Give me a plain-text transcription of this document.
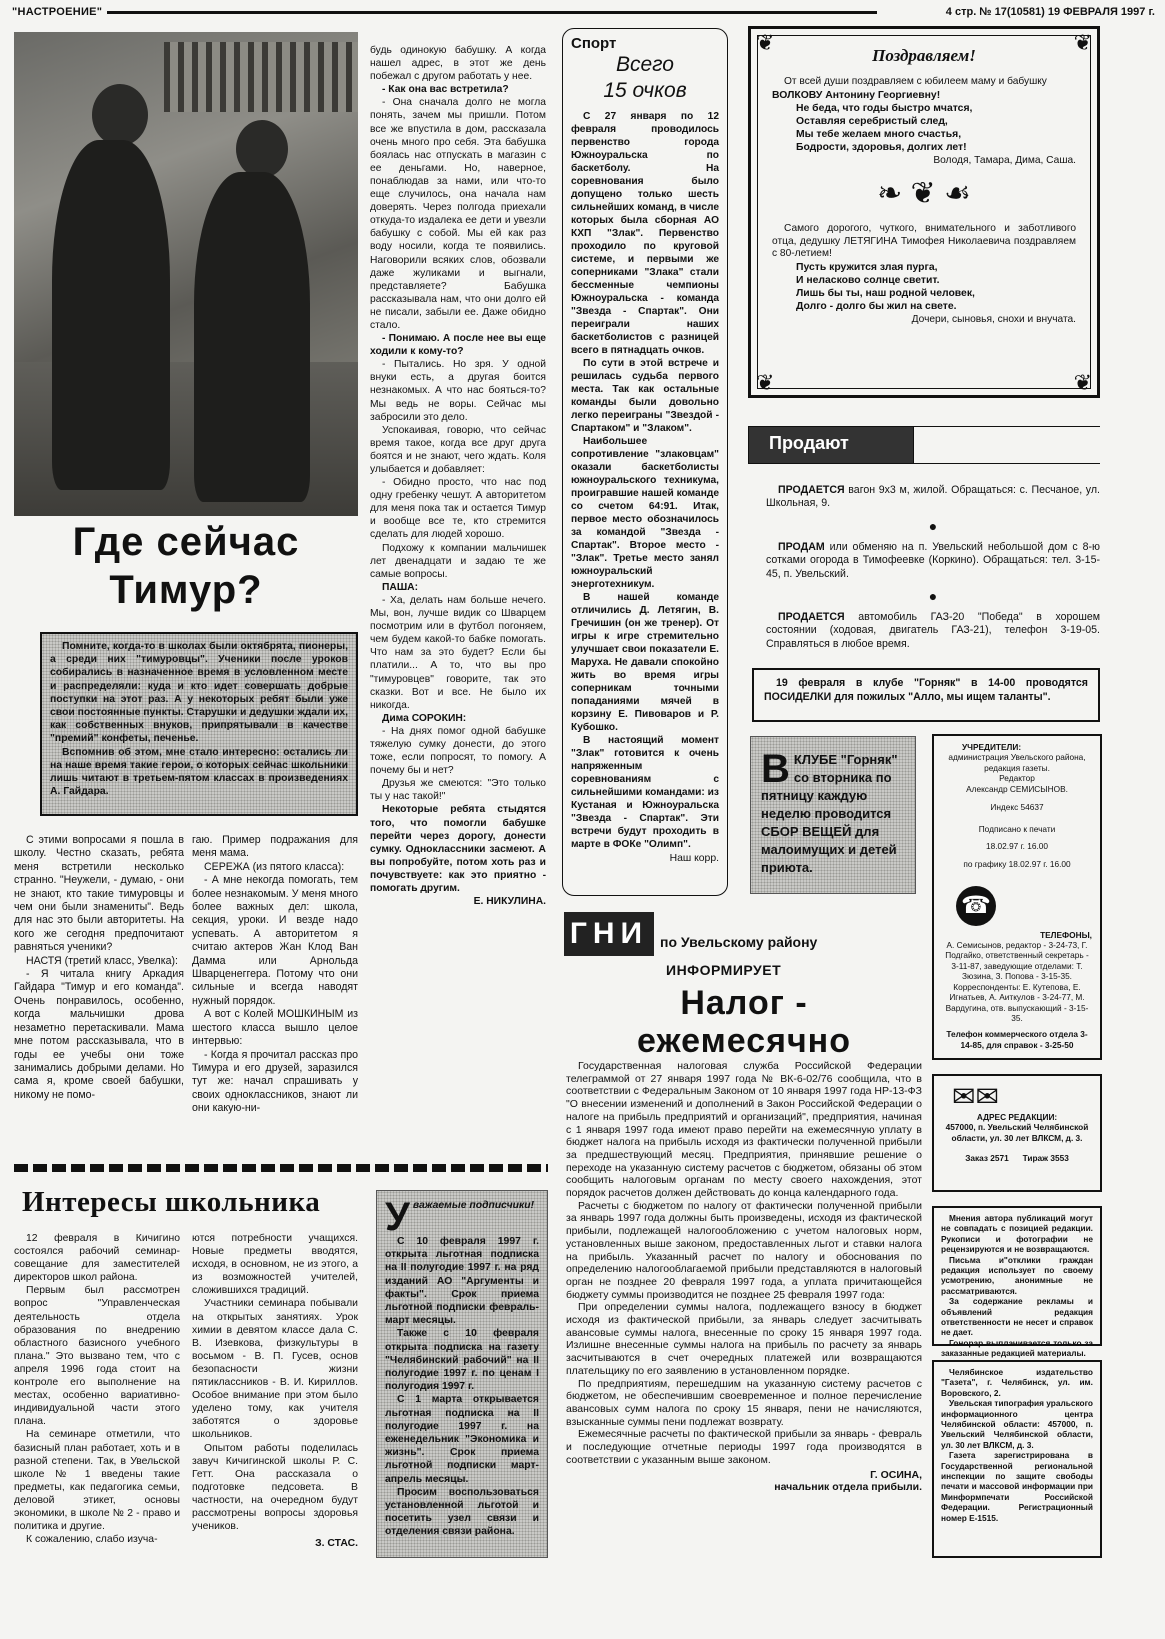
"НАСТРОЕНИЕ"	4 стр. № 17(10581) 19 ФЕВРАЛЯ 1997 г.
Где сейчас
Тимур?

Помните, когда-то в школах были октябрята, пионеры, а среди них "тимуровцы". Ученики после уроков собирались в назначенное время в условленном месте и распределяли: куда и кто идет совершать добрые поступки на этот раз. А у некоторых ребят были уже свои постоянные пункты. Старушки и дедушки ждали их, как собственных внуков, припрятывали в качестве "премий" конфеты, печенье.

Вспомнив об этом, мне стало интересно: остались ли на наше время такие герои, о которых сейчас школьники лишь читают в третьем-пятом классах в произведениях А. Гайдара.

С этими вопросами я пошла в школу. Честно сказать, ребята меня встретили несколько странно. "Неужели, - думаю, - они не знают, кто такие тимуровцы и чем они были знамениты". Ведь для нас это были авторитеты. На кого же сегодня предпочитают равняться ученики?

НАСТЯ (третий класс, Увелка):

- Я читала книгу Аркадия Гайдара "Тимур и его команда". Очень понравилось, особенно, когда мальчишки дрова незаметно перетаскивали. Мама мне потом рассказывала, что в годы ее учебы они тоже занимались добрыми делами. Но сама я, кроме своей бабушки, никому не помо-

гаю. Пример подражания для меня мама.

СЕРЕЖА (из пятого класса):

- А мне некогда помогать, тем более незнакомым. У меня много более важных дел: школа, секция, уроки. И везде надо успевать. А авторитетом я считаю актеров Жан Клод Ван Дамма или Арнольда Шварценеггера. Потому что они сильные и всегда наводят нужный порядок.

А вот с Колей МОШКИНЫМ из шестого класса вышло целое интервью:

- Когда я прочитал рассказ про Тимура и его друзей, заразился тут же: начал спрашивать у своих одноклассников, знают ли они какую-ни-

будь одинокую бабушку. А когда нашел адрес, в этот же день побежал с другом работать у нее.

- Как она вас встретила?

- Она сначала долго не могла понять, зачем мы пришли. Потом все же впустила в дом, рассказала очень много про себя. Эта бабушка боялась нас отпускать в магазин с ее деньгами. Но, наверное, понаблюдав за нами, или что-то еще случилось, она начала нам доверять. Через полгода приехали откуда-то издалека ее дети и увезли бабушку с собой. Мы ей как раз воду носили, когда те появились. Наговорили всяких слов, обозвали даже жуликами и выгнали, представляете? Бабушка рассказывала нам, что они долго ей не писали, забыли ее. Даже обидно стало.

- Понимаю. А после нее вы еще ходили к кому-то?

- Пытались. Но зря. У одной внуки есть, а другая боится незнакомых. А что нас бояться-то? Мы ведь не воры. Сейчас мы забросили это дело.

Успокаивая, говорю, что сейчас время такое, когда все друг друга боятся и не знают, чего ждать. Коля улыбается и добавляет:

- Обидно просто, что нас под одну гребенку чешут. А авторитетом для меня пока так и остается Тимур и вообще все те, кто стремится сделать для людей хорошо.

Подхожу к компании мальчишек лет двенадцати и задаю те же самые вопросы.

ПАША:

- Ха, делать нам больше нечего. Мы, вон, лучше видик со Шварцем посмотрим или в футбол погоняем, чем будем какой-то бабке помогать. Что нам за это будет? Если бы платили... А то, что вы про "тимуровцев" говорите, так это сказки. Вот и все. Не было их никогда.

Дима СОРОКИН:

- На днях помог одной бабушке тяжелую сумку донести, до этого тоже, если попросят, то помогу. А почему бы и нет?

Друзья же смеются: "Это только ты у нас такой!"

Некоторые ребята стыдятся того, что помогли бабушке перейти через дорогу, донести сумку. Одноклассники засмеют. А вы попробуйте, потом хоть раз и почувствуете: как это приятно - помогать другим.

Е. НИКУЛИНА.

Спорт
Всего
15 очков

С 27 января по 12 февраля проводилось первенство города Южноуральска по баскетболу. На соревнования было допущено только шесть сильнейших команд, в числе которых была сборная АО КХП "Злак". Первенство проходило по круговой системе, и первыми же соперниками "Злака" стали бессменные чемпионы Южноуральска - команда "Звезда - Спартак". Они переиграли наших баскетболистов с разницей всего в пятнадцать очков.

По сути в этой встрече и решилась судьба первого места. Так как остальные команды были довольно легко переиграны "Звездой - Спартаком" и "Злаком".

Наибольшее сопротивление "злаковцам" оказали баскетболисты южноуральского техникума, проигравшие нашей команде со счетом 64:91. Итак, первое место обозначилось за командой "Звезда - Спартак". Второе место - "Злак". Третье место занял южноуральский энерготехникум.

В нашей команде отличились Д. Летягин, В. Гречишин (он же тренер). От игры к игре стремительно улучшает свои показатели Е. Маруха. Не давали спокойно жить во время игры соперникам точными попаданиями мячей в корзину Е. Пивоваров и Р. Кубошко.

В настоящий момент "Злак" готовится к очень напряженным соревнованиям с сильнейшими командами: из Кустаная и Южноуральска "Звезда - Спартак". Эти встречи будут проходить в марте в ФОКе "Олимп".

Наш корр.
❦	❦
❦	❦
Поздравляем!
От всей души поздравляем с юбилеем маму и бабушку
ВОЛКОВУ Антонину Георгиевну!
Не беда, что годы быстро мчатся,
Оставляя серебристый след,
Мы тебе желаем много счастья,
Бодрости, здоровья, долгих лет!
Володя, Тамара, Дима, Саша.
❧ ❦ ☙
Самого дорогого, чуткого, внимательного и заботливого отца, дедушку ЛЕТЯГИНА Тимофея Николаевича поздравляем с 80-летием!
Пусть кружится злая пурга,
И неласково солнце светит.
Лишь бы ты, наш родной человек,
Долго - долго бы жил на свете.
Дочери, сыновья, снохи и внучата.
Продают

ПРОДАЕТСЯ вагон 9х3 м, жилой. Обращаться: с. Песчаное, ул. Школьная, 9.

●

ПРОДАМ или обменяю на п. Увельский небольшой дом с 8-ю сотками огорода в Тимофеевке (Коркино). Обращаться: тел. 3-15-45, п. Увельский.

●

ПРОДАЕТСЯ автомобиль ГАЗ-20 "Победа" в хорошем состоянии (ходовая, двигатель ГАЗ-21), телефон 3-19-05. Справляться в любое время.

19 февраля в клубе "Горняк" в 14-00 проводятся ПОСИДЕЛКИ для пожилых "Алло, мы ищем таланты".

В КЛУБЕ "Горняк" со вторника по пятницу каждую неделю проводится СБОР ВЕЩЕЙ для малоимущих и детей приюта.
УЧРЕДИТЕЛИ:
администрация Увельского района, редакция газеты.
Редактор
Александр СЕМИСЫНОВ.
Индекс 54637
Подписано к печати
18.02.97 г. 16.00
по графику 18.02.97 г. 16.00
☎
ТЕЛЕФОНЫ,
А. Семисынов, редактор - 3-24-73, Г. Подгайко, ответственный секретарь - 3-11-87, заведующие отделами: Т. Зюзина, З. Попова - 3-15-35.
Корреспонденты: Е. Кутепова, Е. Игнатьев, А. Аиткулов - 3-24-77, М. Вардугина, отв. выпускающий - 3-15-35.
Телефон коммерческого отдела 3-14-85, для справок - 3-25-50
✉✉
АДРЕС РЕДАКЦИИ:
457000, п. Увельский Челябинской области, ул. 30 лет ВЛКСМ, д. 3.
Заказ 2571 Тираж 3553

Мнения автора публикаций могут не совпадать с позицией редакции. Рукописи и фотографии не рецензируются и не возвращаются.

Письма и"отклики граждан редакция использует по своему усмотрению, анонимные не рассматриваются.

За содержание рекламы и объявлений редакция ответственности не несет и справок не дает.

Гонорар выплачивается только за заказанные редакцией материалы.

Челябинское издательство "Газета", г. Челябинск, ул. им. Воровского, 2.

Увельская типография уральского информационного центра Челябинской области: 457000, п. Увельский Челябинской области, ул. 30 лет ВЛКСМ, д. 3.

Газета зарегистрирована в Государственной региональной инспекции по защите свободы печати и массовой информации при Минформпечати Российской Федерации. Регистрационный номер Е-1515.

ГНИ по Увельскому району
ИНФОРМИРУЕТ
Налог -
ежемесячно

Государственная налоговая служба Российской Федерации телеграммой от 27 января 1997 года № ВК-6-02/76 сообщила, что в соответствии с Федеральным Законом от 10 января 1997 года НР-13-ФЗ "О внесении изменений и дополнений в Закон Российской Федерации о налоге на прибыль предприятий и организаций", предприятия, начиная с 1 января 1997 года имеют право перейти на ежемесячную уплату в бюджет налога на прибыль исходя из фактически полученной прибыли за предшествующий месяц. Предприятия, принявшие решение о переходе на указанную систему расчетов с бюджетом, обязаны об этом сообщить налоговым органам по месту своего нахождения, этот порядок расчетов должен действовать до конца календарного года.

Расчеты с бюджетом по налогу от фактически полученной прибыли за январь 1997 года должны быть произведены, исходя из фактической прибыли, подлежащей налогообложению с учетом налоговых норм, установленных выше законом, предоставленных льгот и ставки налога на прибыль. Указанный расчет по налогу и обоснования по определению налогооблагаемой прибыли представляются в налоговый орган не позднее 20 февраля 1997 года, а уплата причитающейся бюджету суммы производится не позднее 25 февраля 1997 года:

При определении суммы налога, подлежащего взносу в бюджет исходя из фактической прибыли, за январь следует засчитывать авансовые суммы налога, внесенные по сроку 15 января 1997 года. Излишне внесенные суммы налога на прибыль по расчету за январь засчитываются в счет очередных платежей или возвращаются плательщику по его заявлению в установленном порядке.

По предприятиям, перешедшим на указанную систему расчетов с бюджетом, не обеспечившим своевременное и полное перечисление авансовых сумм налога по сроку 15 января, пени не начисляются, взысканные суммы пени подлежат возврату.

Ежемесячные расчеты по фактической прибыли за январь - февраль и последующие отчетные периоды 1997 года производятся в соответствии с указанным выше законом.

Г. ОСИНА,

начальник отдела прибыли.

Интересы школьника

12 февраля в Кичигино состоялся рабочий семинар-совещание для заместителей директоров школ района.

Первым был рассмотрен вопрос "Управленческая деятельность отдела образования по внедрению областного базисного учебного плана." Это вызвано тем, что с апреля 1996 года стоит на контроле его выполнение на местах, особенно вариативно-индивидуальной части этого плана.

На семинаре отметили, что базисный план работает, хоть и в разной степени. Так, в Увельской школе № 1 введены такие предметы, как педагогика семьи, деловой этикет, основы экономики, в школе № 2 - право и политика и другие.

К сожалению, слабо изуча-

ются потребности учащихся. Новые предметы вводятся, исходя, в основном, не из этого, а из возможностей учителей, сложившихся традиций.

Участники семинара побывали на открытых занятиях. Урок химии в девятом классе дала С. В. Изевкова, физкультуры в восьмом - В. П. Гусев, основ безопасности жизни пятиклассников - В. И. Кириллов. Особое внимание при этом было уделено тому, как учителя заботятся о здоровье школьников.

Опытом работы поделилась завуч Кичигинской школы Р. С. Гетт. Она рассказала о подготовке педсовета. В частности, на очередном будут рассмотрены вопросы здоровья учеников.

З. СТАС.

У важаемые подписчики!

С 10 февраля 1997 г. открыта льготная подписка на II полугодие 1997 г. на ряд изданий АО "Аргументы и факты". Срок приема льготной подписки февраль-март месяцы.

Также с 10 февраля открыта подписка на газету "Челябинский рабочий" на II полугодие 1997 г. по ценам I полугодия 1997 г.

С 1 марта открывается льготная подписка на II полугодие 1997 г. на еженедельник "Экономика и жизнь". Срок приема льготной подписки март-апрель месяцы.

Просим воспользоваться установленной льготой и посетить узел связи и отделения связи района.
